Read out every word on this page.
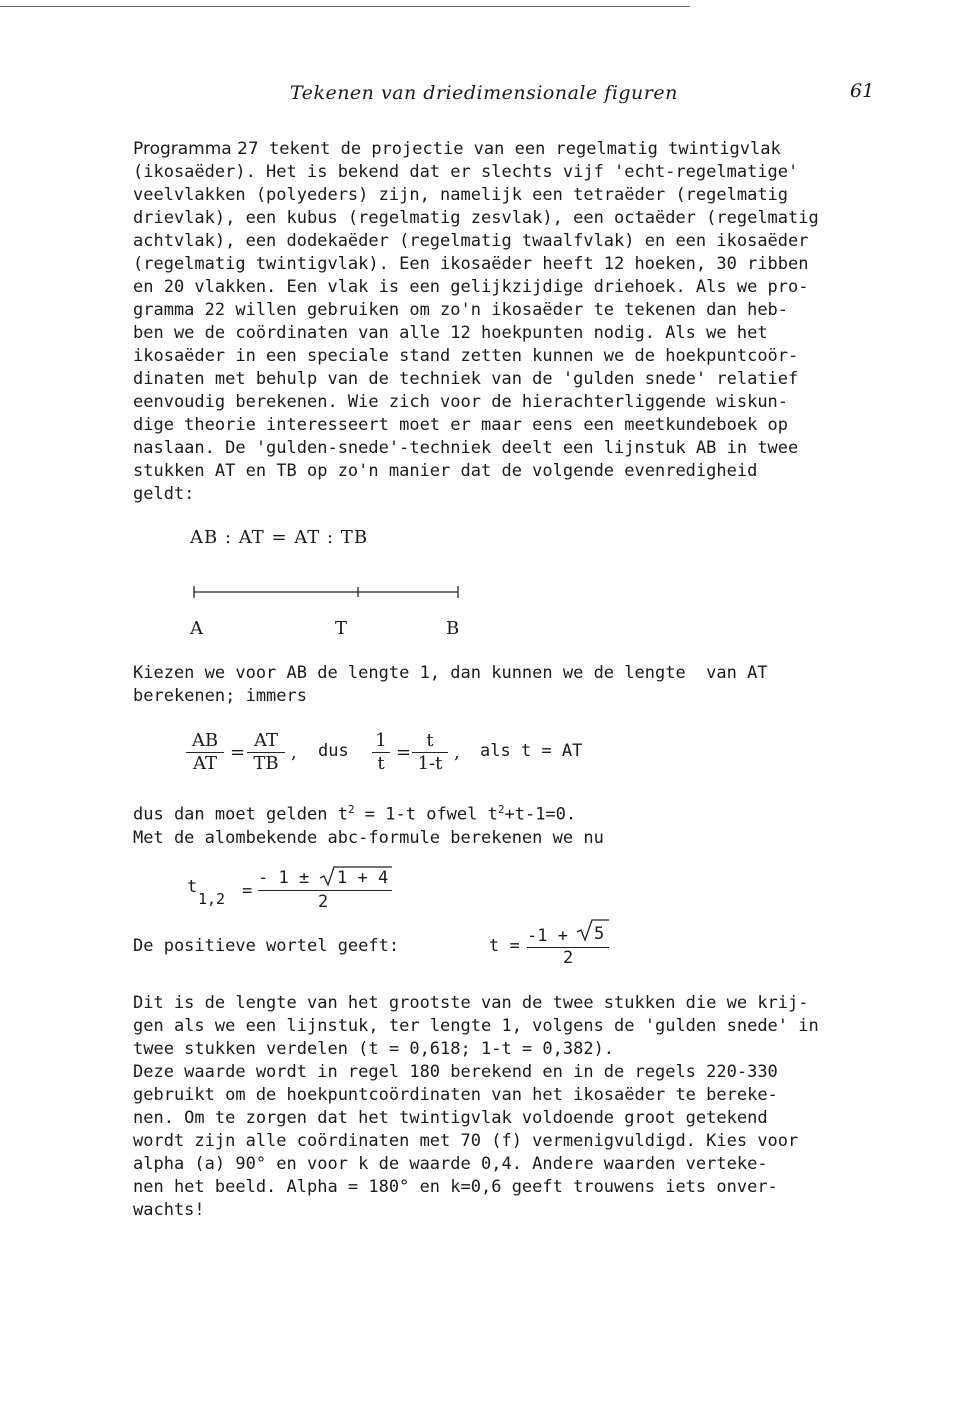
Tekenen van driedimensionale figuren	61
Programma 27 tekent de projectie van een regelmatig twintigvlak
(ikosaëder). Het is bekend dat er slechts vijf 'echt-regelmatige'
veelvlakken (polyeders) zijn, namelijk een tetraëder (regelmatig
drievlak), een kubus (regelmatig zesvlak), een octaëder (regelmatig
achtvlak), een dodekaëder (regelmatig twaalfvlak) en een ikosaëder
(regelmatig twintigvlak). Een ikosaëder heeft 12 hoeken, 30 ribben
en 20 vlakken. Een vlak is een gelijkzijdige driehoek. Als we pro-
gramma 22 willen gebruiken om zo'n ikosaëder te tekenen dan heb-
ben we de coördinaten van alle 12 hoekpunten nodig. Als we het
ikosaëder in een speciale stand zetten kunnen we de hoekpuntcoör-
dinaten met behulp van de techniek van de 'gulden snede' relatief
eenvoudig berekenen. Wie zich voor de hierachterliggende wiskun-
dige theorie interesseert moet er maar eens een meetkundeboek op
naslaan. De 'gulden-snede'-techniek deelt een lijnstuk AB in twee
stukken AT en TB op zo'n manier dat de volgende evenredigheid
geldt:
AB : AT = AT : TB
A	T	B
Kiezen we voor AB de lengte 1, dan kunnen we de lengte  van AT
berekenen; immers
$\frac{AB}{AT} = \frac{AT}{TB}$ , dus $\frac{1}{t} = \frac{t}{1-t}$ , als t = AT
dus dan moet gelden $t^2 = 1-t$ ofwel $t^2+t-1=0$.
Met de alombekende abc-formule berekenen we nu
t
1,2 =
- 1 ± 1 + 4
2
De positieve wortel geeft:	t = -1 + 5
2
Dit is de lengte van het grootste van de twee stukken die we krij-
gen als we een lijnstuk, ter lengte 1, volgens de 'gulden snede' in
twee stukken verdelen (t = 0,618; 1-t = 0,382).
Deze waarde wordt in regel 180 berekend en in de regels 220-330
gebruikt om de hoekpuntcoördinaten van het ikosaëder te bereke-
nen. Om te zorgen dat het twintigvlak voldoende groot getekend
wordt zijn alle coördinaten met 70 (f) vermenigvuldigd. Kies voor
alpha (a) 90° en voor k de waarde 0,4. Andere waarden verteke-
nen het beeld. Alpha = 180° en k=0,6 geeft trouwens iets onver-
wachts!
